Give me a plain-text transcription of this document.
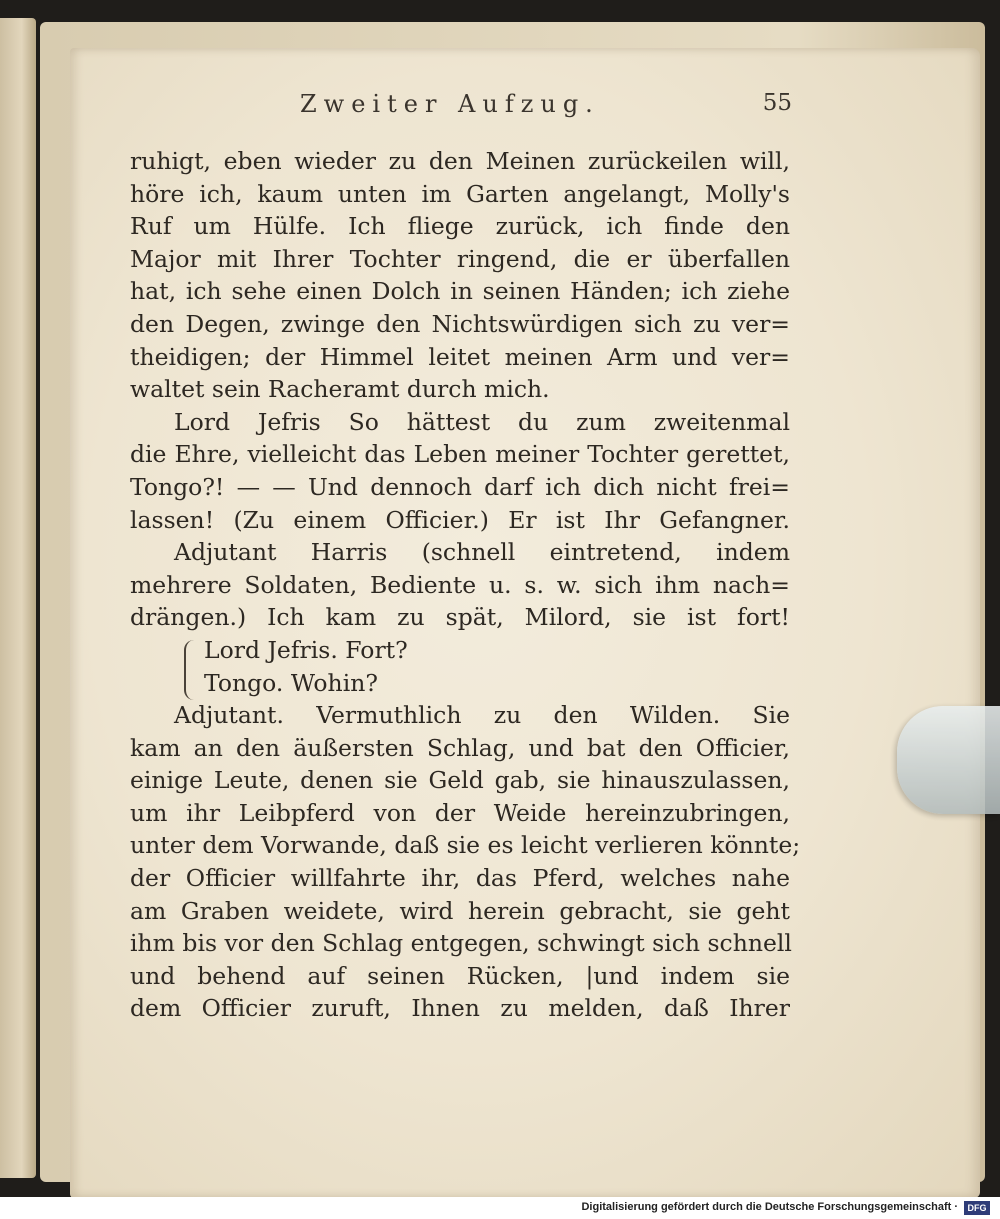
Zweiter Aufzug.	55
ruhigt, eben wieder zu den Meinen zurückeilen will,
höre ich, kaum unten im Garten angelangt, Molly's
Ruf um Hülfe. Ich fliege zurück, ich finde den
Major mit Ihrer Tochter ringend, die er überfallen
hat, ich sehe einen Dolch in seinen Händen; ich ziehe
den Degen, zwinge den Nichtswürdigen sich zu ver=
theidigen; der Himmel leitet meinen Arm und ver=
waltet sein Racheramt durch mich.
Lord Jefris So hättest du zum zweitenmal
die Ehre, vielleicht das Leben meiner Tochter gerettet,
Tongo?! — — Und dennoch darf ich dich nicht frei=
lassen! (Zu einem Officier.) Er ist Ihr Gefangner.
Adjutant Harris (schnell eintretend, indem
mehrere Soldaten, Bediente u. s. w. sich ihm nach=
drängen.) Ich kam zu spät, Milord, sie ist fort!
Lord Jefris. Fort?
Tongo. Wohin?
Adjutant. Vermuthlich zu den Wilden. Sie
kam an den äußersten Schlag, und bat den Officier,
einige Leute, denen sie Geld gab, sie hinauszulassen,
um ihr Leibpferd von der Weide hereinzubringen,
unter dem Vorwande, daß sie es leicht verlieren könnte;
der Officier willfahrte ihr, das Pferd, welches nahe
am Graben weidete, wird herein gebracht, sie geht
ihm bis vor den Schlag entgegen, schwingt sich schnell
und behend auf seinen Rücken, |und indem sie
dem Officier zuruft, Ihnen zu melden, daß Ihrer
Digitalisierung gefördert durch die Deutsche Forschungsgemeinschaft ·	DFG
